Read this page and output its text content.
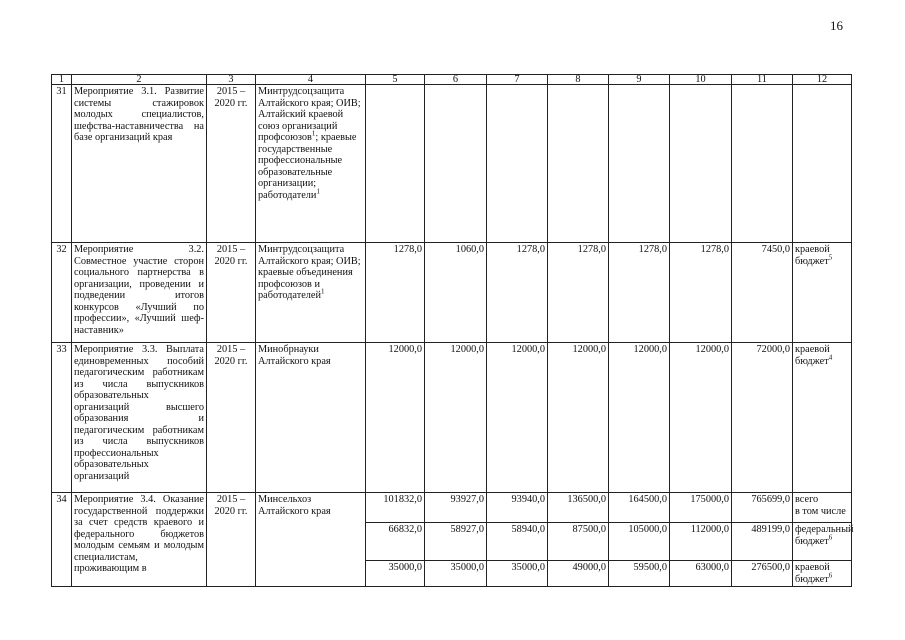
16
1	2	3	4	5	6	7	8	9	10	11	12
31	Мероприятие 3.1. Развитие системы стажировок молодых специалистов, шефства-наставничества на базе организаций края	2015 – 2020 гг.	Минтрудсоцзащита Алтайского края; ОИВ; Алтайский краевой союз организаций профсоюзов$^1$; краевые государственные профессиональные образовательные организации; работодатели$^1$								
32	Мероприятие 3.2. Совместное участие сторон социального партнерства в организации, проведении и подведении итогов конкурсов «Лучший по профессии», «Лучший шеф-наставник»	2015 – 2020 гг.	Минтрудсоцзащита Алтайского края; ОИВ; краевые объединения профсоюзов и работодателей$^1$	1278,0	1060,0	1278,0	1278,0	1278,0	1278,0	7450,0	краевой бюджет$^5$
33	Мероприятие 3.3. Выплата единовременных пособий педагогическим работникам из числа выпускников образовательных организаций высшего образования и педагогическим работникам из числа выпускников профессиональных образовательных организаций	2015 – 2020 гг.	Минобрнауки Алтайского края	12000,0	12000,0	12000,0	12000,0	12000,0	12000,0	72000,0	краевой бюджет$^4$
34	Мероприятие 3.4. Оказание государственной поддержки за счет средств краевого и федерального бюджетов молодым семьям и молодым специалистам, проживающим в	2015 – 2020 гг.	Минсельхоз Алтайского края	101832,0	93927,0	93940,0	136500,0	164500,0	175000,0	765699,0	всего
в том числе

				66832,0	58927,0	58940,0	87500,0	105000,0	112000,0	489199,0	федеральный бюджет$^6$
				35000,0	35000,0	35000,0	49000,0	59500,0	63000,0	276500,0	краевой бюджет$^6$
